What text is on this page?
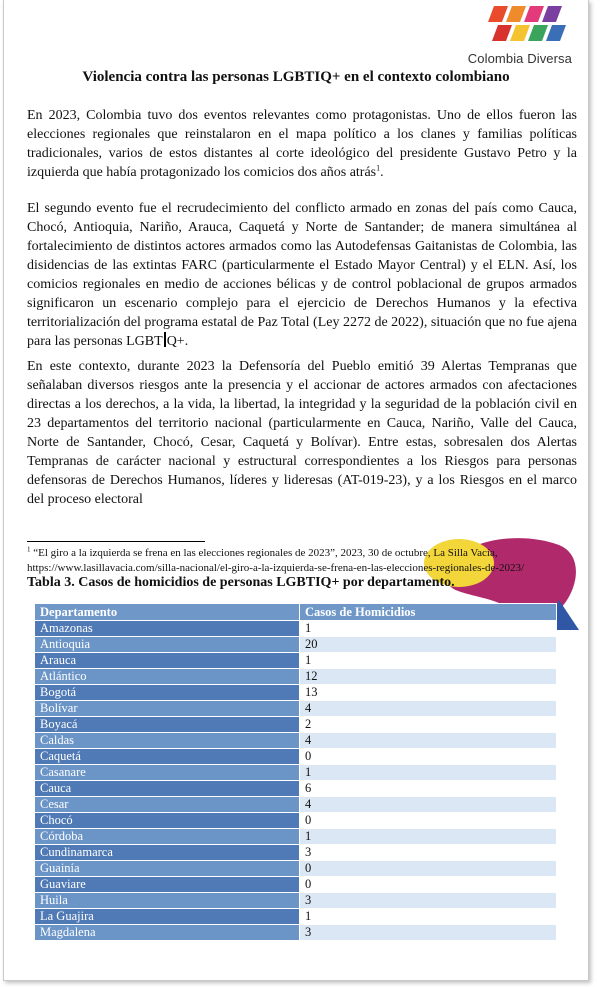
Colombia Diversa
Violencia contra las personas LGBTIQ+ en el contexto colombiano

En 2023, Colombia tuvo dos eventos relevantes como protagonistas. Uno de ellos fueron las elecciones regionales que reinstalaron en el mapa político a los clanes y familias políticas tradicionales, varios de estos distantes al corte ideológico del presidente Gustavo Petro y la izquierda que había protagonizado los comicios dos años atrás$^1$.

El segundo evento fue el recrudecimiento del conflicto armado en zonas del país como Cauca, Chocó, Antioquia, Nariño, Arauca, Caquetá y Norte de Santander; de manera simultánea al fortalecimiento de distintos actores armados como las Autodefensas Gaitanistas de Colombia, las disidencias de las extintas FARC (particularmente el Estado Mayor Central) y el ELN. Así, los comicios regionales en medio de acciones bélicas y de control poblacional de grupos armados significaron un escenario complejo para el ejercicio de Derechos Humanos y la efectiva territorialización del programa estatal de Paz Total (Ley 2272 de 2022), situación que no fue ajena para las personas LGBT Q+.

En este contexto, durante 2023 la Defensoría del Pueblo emitió 39 Alertas Tempranas que señalaban diversos riesgos ante la presencia y el accionar de actores armados con afectaciones directas a los derechos, a la vida, la libertad, la integridad y la seguridad de la población civil en 23 departamentos del territorio nacional (particularmente en Cauca, Nariño, Valle del Cauca, Norte de Santander, Chocó, Cesar, Caquetá y Bolívar). Entre estas, sobresalen dos Alertas Tempranas de carácter nacional y estructural correspondientes a los Riesgos para personas defensoras de Derechos Humanos, líderes y lideresas (AT-019-23), y a los Riesgos en el marco del proceso electoral

$^1$ “El giro a la izquierda se frena en las elecciones regionales de 2023”, 2023, 30 de octubre, La Silla Vacía, https://www.lasillavacia.com/silla-nacional/el-giro-a-la-izquierda-se-frena-en-las-elecciones-regionales-de-2023/

Tabla 3. Casos de homicidios de personas LGBTIQ+ por departamento.
Departamento	Casos de Homicidios
Amazonas	1
Antioquia	20
Arauca	1
Atlántico	12
Bogotá	13
Bolívar	4
Boyacá	2
Caldas	4
Caquetá	0
Casanare	1
Cauca	6
Cesar	4
Chocó	0
Córdoba	1
Cundinamarca	3
Guainía	0
Guaviare	0
Huila	3
La Guajira	1
Magdalena	3
